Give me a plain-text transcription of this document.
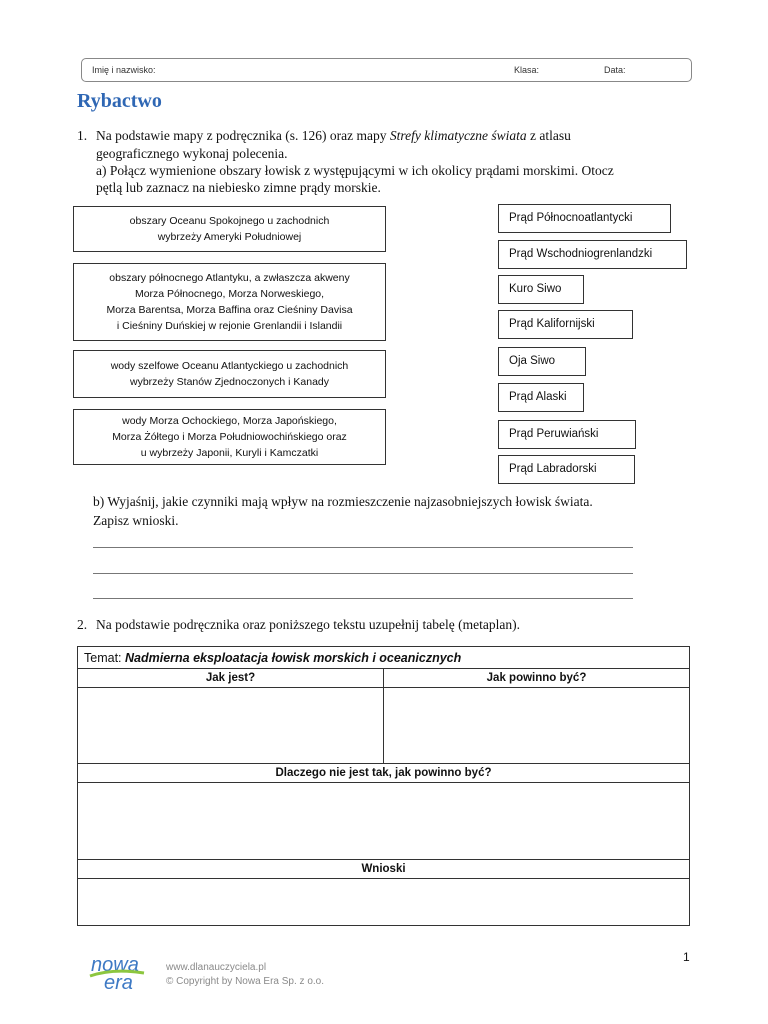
Imię i nazwisko:	Klasa:	Data:
Rybactwo
1. Na podstawie mapy z podręcznika (s. 126) oraz mapy Strefy klimatyczne świata z atlasu
geograficznego wykonaj polecenia.
a) Połącz wymienione obszary łowisk z występującymi w ich okolicy prądami morskimi. Otocz
pętlą lub zaznacz na niebiesko zimne prądy morskie.
obszary Oceanu Spokojnego u zachodnich
wybrzeży Ameryki Południowej
obszary północnego Atlantyku, a zwłaszcza akweny
Morza Północnego, Morza Norweskiego,
Morza Barentsa, Morza Baffina oraz Cieśniny Davisa
i Cieśniny Duńskiej w rejonie Grenlandii i Islandii
wody szelfowe Oceanu Atlantyckiego u zachodnich
wybrzeży Stanów Zjednoczonych i Kanady
wody Morza Ochockiego, Morza Japońskiego,
Morza Żółtego i Morza Południowochińskiego oraz
u wybrzeży Japonii, Kuryli i Kamczatki
Prąd Północnoatlantycki
Prąd Wschodniogrenlandzki
Kuro Siwo
Prąd Kalifornijski
Oja Siwo
Prąd Alaski
Prąd Peruwiański
Prąd Labradorski
b) Wyjaśnij, jakie czynniki mają wpływ na rozmieszczenie najzasobniejszych łowisk świata.
Zapisz wnioski.
2. Na podstawie podręcznika oraz poniższego tekstu uzupełnij tabelę (metaplan).
Temat: Nadmierna eksploatacja łowisk morskich i oceanicznych	
Jak jest?	Jak powinno być?

Dlaczego nie jest tak, jak powinno być?	

Wnioski	

nowa
era
www.dlanauczyciela.pl
© Copyright by Nowa Era Sp. z o.o.
1
